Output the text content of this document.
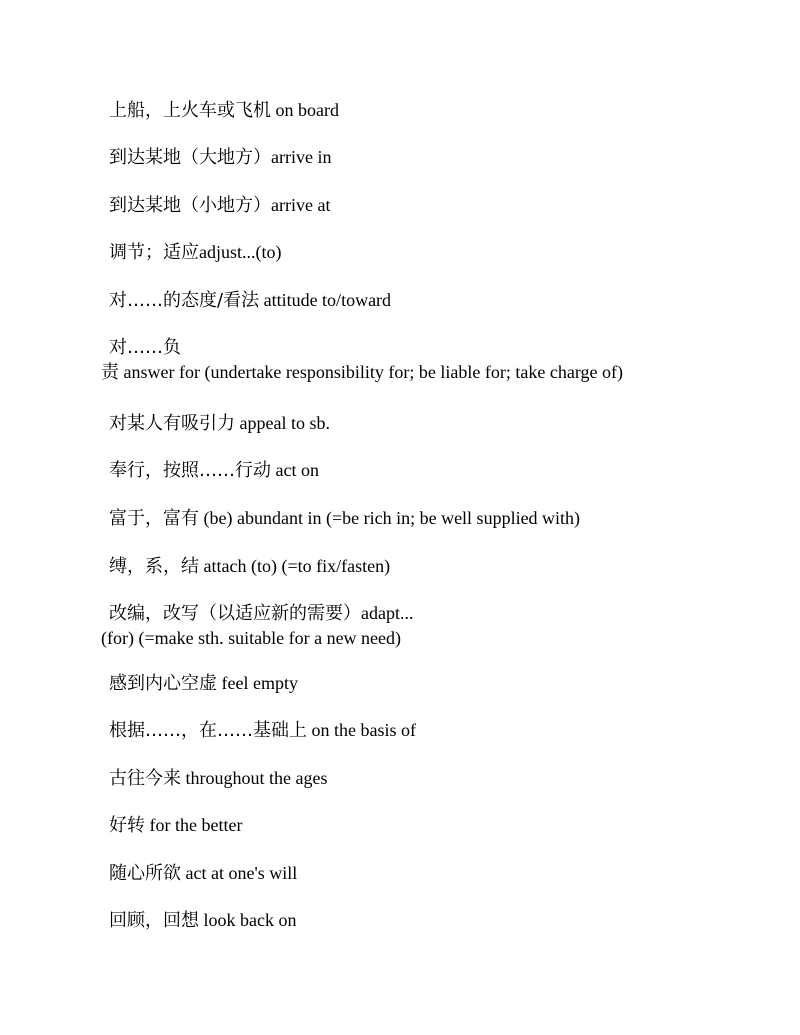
上船，上火车或飞机 on board
到达某地（大地方）arrive in
到达某地（小地方）arrive at
调节；适应adjust...(to)
对……的态度/看法 attitude to/toward
对……负
责 answer for (undertake responsibility for; be liable for; take charge of)
对某人有吸引力 appeal to sb.
奉行，按照……行动 act on
富于，富有 (be) abundant in (=be rich in; be well supplied with)
缚，系，结 attach (to) (=to fix/fasten)
改编，改写（以适应新的需要）adapt...
(for) (=make sth. suitable for a new need)
感到内心空虚 feel empty
根据……，在……基础上 on the basis of
古往今来 throughout the ages
好转 for the better
随心所欲 act at one's will
回顾，回想 look back on
